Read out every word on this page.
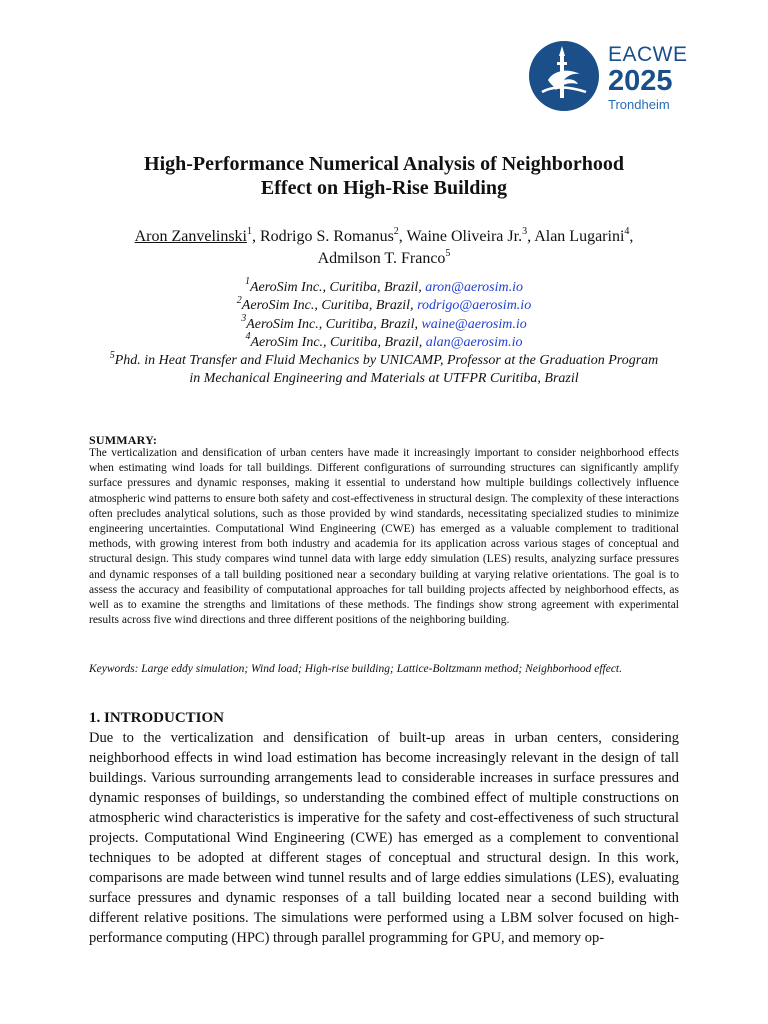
EACWE
2025
Trondheim
High-Performance Numerical Analysis of Neighborhood
Effect on High-Rise Building
Aron Zanvelinski$^1$, Rodrigo S. Romanus$^2$, Waine Oliveira Jr.$^3$, Alan Lugarini$^4$,
Admilson T. Franco$^5$
$^1$AeroSim Inc., Curitiba, Brazil, aron@aerosim.io
$^2$AeroSim Inc., Curitiba, Brazil, rodrigo@aerosim.io
$^3$AeroSim Inc., Curitiba, Brazil, waine@aerosim.io
$^4$AeroSim Inc., Curitiba, Brazil, alan@aerosim.io
$^5$Phd. in Heat Transfer and Fluid Mechanics by UNICAMP, Professor at the Graduation Program
in Mechanical Engineering and Materials at UTFPR Curitiba, Brazil
SUMMARY:
The verticalization and densification of urban centers have made it increasingly important to consider neighborhood effects when estimating wind loads for tall buildings. Different configurations of surrounding structures can significantly amplify surface pressures and dynamic responses, making it essential to understand how multiple buildings collectively influence atmospheric wind patterns to ensure both safety and cost-effectiveness in structural design. The complexity of these interactions often precludes analytical solutions, such as those provided by wind standards, necessitating specialized studies to minimize engineering uncertainties. Computational Wind Engineering (CWE) has emerged as a valuable complement to traditional methods, with growing interest from both industry and academia for its application across various stages of conceptual and structural design. This study compares wind tunnel data with large eddy simulation (LES) results, analyzing surface pressures and dynamic responses of a tall building positioned near a secondary building at varying relative orientations. The goal is to assess the accuracy and feasibility of computational approaches for tall building projects affected by neighborhood effects, as well as to examine the strengths and limitations of these methods. The findings show strong agreement with experimental results across five wind directions and three different positions of the neighboring building.
Keywords: Large eddy simulation; Wind load; High-rise building; Lattice-Boltzmann method; Neighborhood effect.
1. INTRODUCTION
Due to the verticalization and densification of built-up areas in urban centers, considering neighborhood effects in wind load estimation has become increasingly relevant in the design of tall buildings. Various surrounding arrangements lead to considerable increases in surface pressures and dynamic responses of buildings, so understanding the combined effect of multiple constructions on atmospheric wind characteristics is imperative for the safety and cost-effectiveness of such structural projects. Computational Wind Engineering (CWE) has emerged as a complement to conventional techniques to be adopted at different stages of conceptual and structural design. In this work, comparisons are made between wind tunnel results and of large eddies simulations (LES), evaluating surface pressures and dynamic responses of a tall building located near a second building with different relative positions. The simulations were performed using a LBM solver focused on high-performance computing (HPC) through parallel programming for GPU, and memory op-
